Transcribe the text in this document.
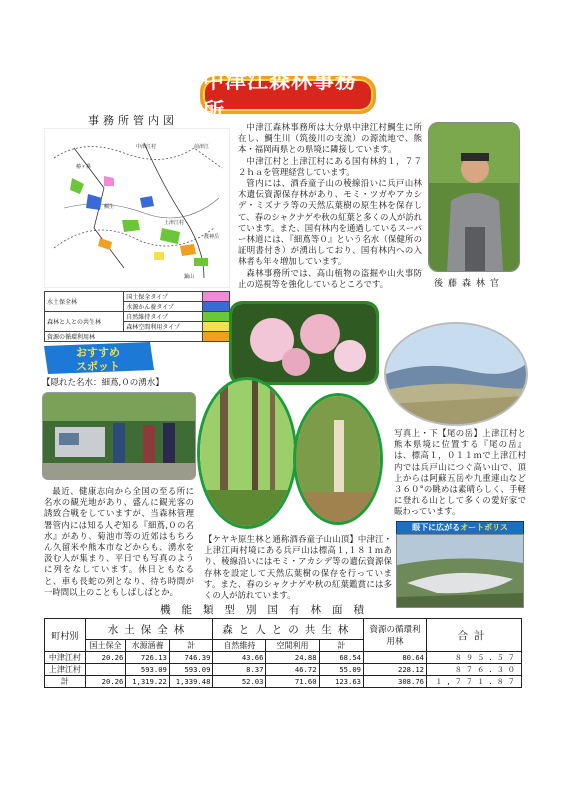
中津江森林事務所
事務所管内図
中津江村
上津江村
鯛生
前津江
椿ヶ鼻
鍋山
渡神岳
水土保全林	国土保全タイプ	
	水源かん養タイプ	
森林と人との共生林	自然維持タイプ	
	森林空間利用タイプ	
資源の循環利用林		
中津江森林事務所は大分県中津江村鯛生に所在し、鯛生川（筑後川の支流）の源流地で、熊本・福岡両県との県境に隣接しています。
中津江村と上津江村にある国有林約１，７７２ｈａを管理経営しています。
管内には、酒呑童子山の稜線沿いに兵戸山林木遺伝資源保存林があり、モミ・ツガやアカシデ・ミズナラ等の天然広葉樹の原生林を保存して、春のシャクナゲや秋の紅葉と多くの人が訪れています。また、国有林内を通過しているスーパー林道には、『細蔦等０』という名水（保健所の証明書付き）が湧出しており、国有林内への入林者も年々増加しています。
森林事務所では、高山植物の盗掘や山火事防止の巡視等を強化しているところです。	後藤森林官
おすすめ
スポット
【隠れた名水：細蔦,０の湧水】
最近、健康志向から全国の至る所に名水の観光地があり、盛んに観光客の誘致合戦をしていますが、当森林管理署管内には知る人ぞ知る『細蔦,０の名水』があり、菊池市等の近郊はもちろん久留米や熊本市などからも、湧水を汲む人が集まり、平日でも写真のように列をなしています。休日ともなると、車も長蛇の列となり、待ち時間が一時間以上のこともしばしばとか。
写真上・下【尾の岳】上津江村と熊本県境に位置する『尾の岳』は、標高１，０１１ｍで上津江村内では兵戸山につぐ高い山で、頂上からは阿蘇五岳や九重連山など３６０°の眺めは素晴らしく、手軽に登れる山として多くの愛好家で賑わっています。
眼下に広がるオートポリス
【ケヤキ原生林と通称酒呑童子山山頂】中津江・上津江両村境にある兵戸山は標高１,１８１ｍあり、稜線沿いにはモミ・アカシデ等の遺伝資源保存林を設定して天然広葉樹の保存を行っています。また、春のシャクナゲや秋の紅葉鑑賞には多くの人が訪れています。
機能類型別国有林面積
町村別	水土保全林			森と人との共生林			資源の循環利用林	合計
	国土保全	水源涵養	計	自然維持	空間利用	計		
中津江村	20.26	726.13	746.39	43.66	24.88	68.54	80.64	８９５.５７
上津江村		593.09	593.09	8.37	46.72	55.09	228.12	８７６.３０
計	20.26	1,319.22	1,339.48	52.03	71.60	123.63	308.76	１,７７１.８７
